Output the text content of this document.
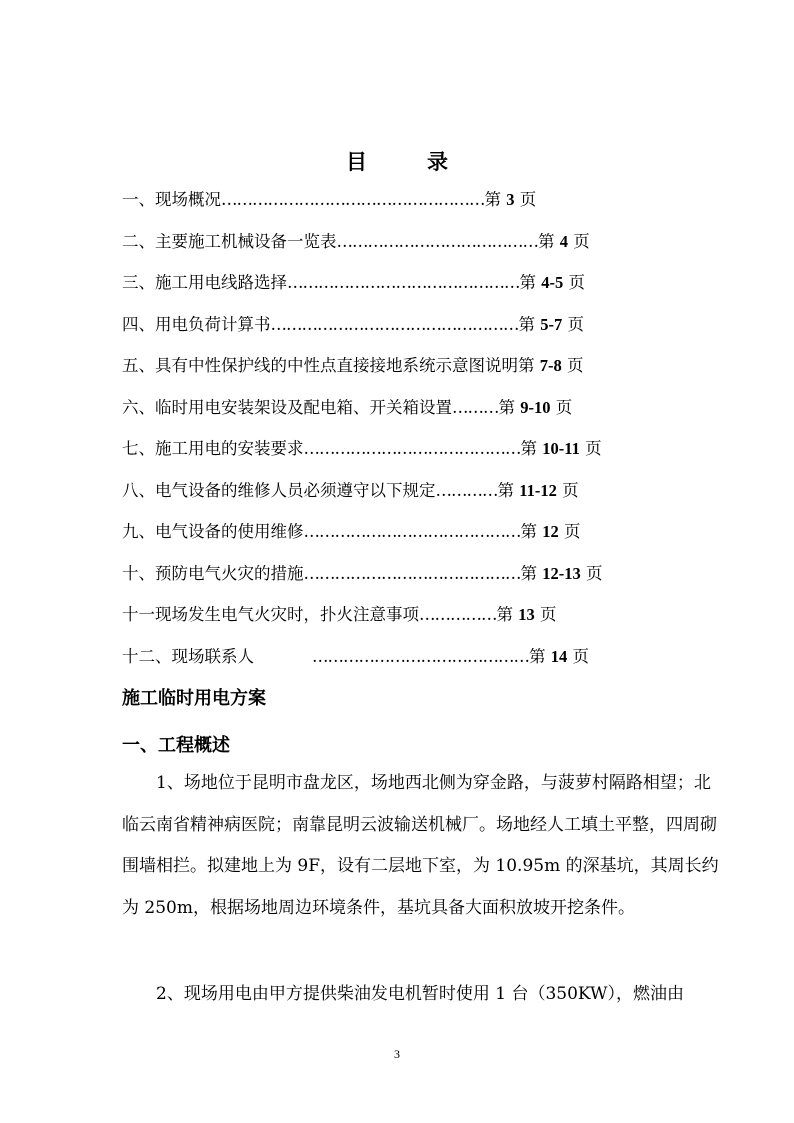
目	录
一、现场概况……………………………………………第 3 页
二、主要施工机械设备一览表…………………………………第 4 页
三、施工用电线路选择………………………………………第 4-5 页
四、用电负荷计算书…………………………………………第 5-7 页
五、具有中性保护线的中性点直接接地系统示意图说明第 7-8 页
六、临时用电安装架设及配电箱、开关箱设置………第 9-10 页
七、施工用电的安装要求……………………………………第 10-11 页
八、电气设备的维修人员必须遵守以下规定…………第 11-12 页
九、电气设备的使用维修……………………………………第 12 页
十、预防电气火灾的措施……………………………………第 12-13 页
十一现场发生电气火灾时，扑火注意事项……………第 13 页
十二、现场联系人	……………………………………第 14 页
施工临时用电方案
一、工程概述

1、场地位于昆明市盘龙区，场地西北侧为穿金路，与菠萝村隔路相望；北临云南省精神病医院；南靠昆明云波输送机械厂。场地经人工填土平整，四周砌围墙相拦。拟建地上为 9F，设有二层地下室，为 10.95m 的深基坑，其周长约为 250m，根据场地周边环境条件，基坑具备大面积放坡开挖条件。

2、现场用电由甲方提供柴油发电机暂时使用 1 台（350KW），燃油由

3
